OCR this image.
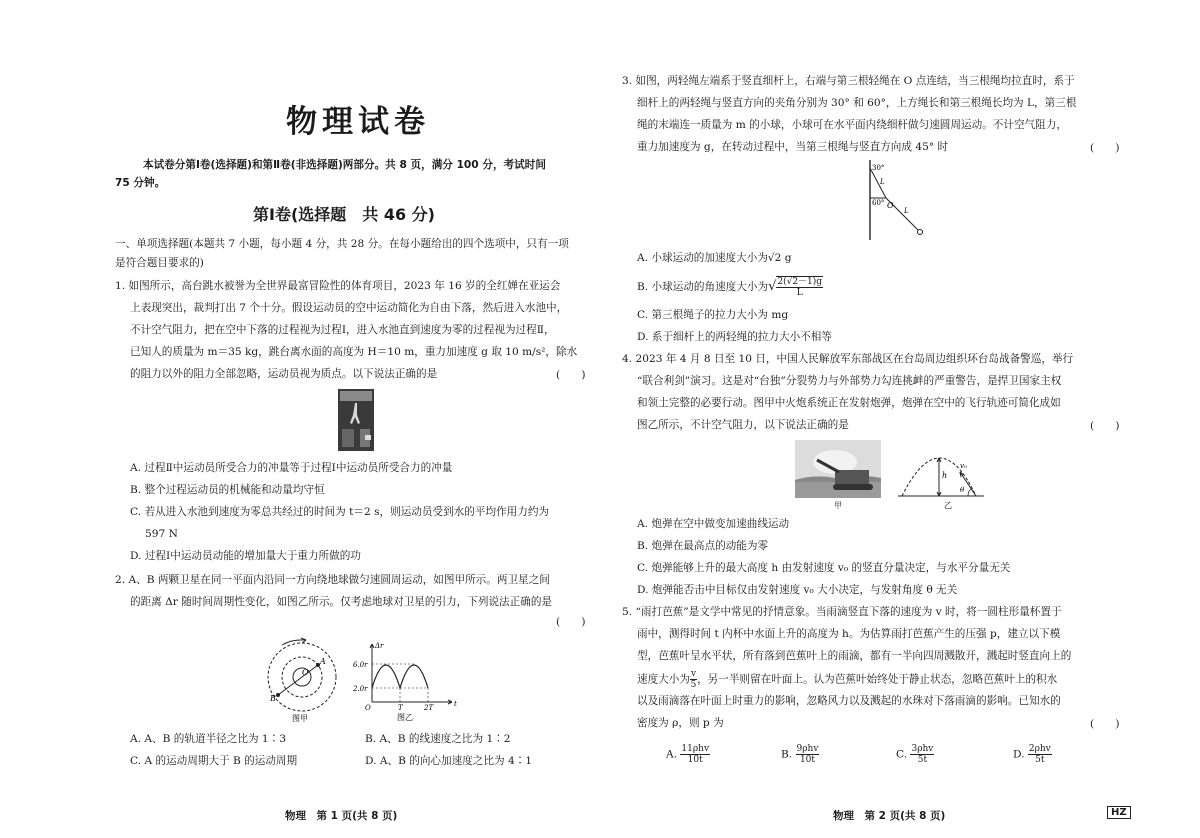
物理试卷
本试卷分第Ⅰ卷(选择题)和第Ⅱ卷(非选择题)两部分。共 8 页，满分 100 分，考试时间
75 分钟。
第Ⅰ卷(选择题　共 46 分)
一、单项选择题(本题共 7 小题，每小题 4 分，共 28 分。在每小题给出的四个选项中，只有一项
是符合题目要求的)
1. 如图所示，高台跳水被誉为全世界最富冒险性的体育项目，2023 年 16 岁的全红婵在亚运会
上表现突出，裁判打出 7 个十分。假设运动员的空中运动简化为自由下落，然后进入水池中，
不计空气阻力，把在空中下落的过程视为过程Ⅰ，进入水池直到速度为零的过程视为过程Ⅱ，
已知人的质量为 m＝35 kg，跳台离水面的高度为 H＝10 m，重力加速度 g 取 10 m/s²，除水
的阻力以外的阻力全部忽略，运动员视为质点。以下说法正确的是	(　　)
A. 过程Ⅱ中运动员所受合力的冲量等于过程Ⅰ中运动员所受合力的冲量
B. 整个过程运动员的机械能和动量均守恒
C. 若从进入水池到速度为零总共经过的时间为 t＝2 s，则运动员受到水的平均作用力约为
597 N
D. 过程Ⅰ中运动员动能的增加量大于重力所做的功
2. A、B 两颗卫星在同一平面内沿同一方向绕地球做匀速圆周运动，如图甲所示。两卫星之间
的距离 Δr 随时间周期性变化，如图乙所示。仅考虑地球对卫星的引力，下列说法正确的是
(　　)
O
A
B
图甲
Δr
t
6.0r
2.0r
O	T	2T
图乙
A. A、B 的轨道半径之比为 1∶3	B. A、B 的线速度之比为 1∶2
C. A 的运动周期大于 B 的运动周期	D. A、B 的向心加速度之比为 4∶1
物理　第 1 页(共 8 页)
3. 如图，两轻绳左端系于竖直细杆上，右端与第三根轻绳在 O 点连结，当三根绳均拉直时，系于
细杆上的两轻绳与竖直方向的夹角分别为 30° 和 60°，上方绳长和第三根绳长均为 L，第三根
绳的末端连一质量为 m 的小球，小球可在水平面内绕细杆做匀速圆周运动。不计空气阻力，
重力加速度为 g，在转动过程中，当第三根绳与竖直方向成 45° 时	(　　)
30°
60°
L
O
L
A. 小球运动的加速度大小为√2 g
B. 小球运动的角速度大小为√ $\frac{2(√2-1)g}{L}$
C. 第三根绳子的拉力大小为 mg
D. 系于细杆上的两轻绳的拉力大小不相等
4. 2023 年 4 月 8 日至 10 日，中国人民解放军东部战区在台岛周边组织环台岛战备警巡，举行
“联合利剑”演习。这是对“台独”分裂势力与外部势力勾连挑衅的严重警告，是捍卫国家主权
和领土完整的必要行动。图甲中火炮系统正在发射炮弹，炮弹在空中的飞行轨迹可简化成如
图乙所示，不计空气阻力，以下说法正确的是	(　　)
甲
h
v₀
θ
乙
A. 炮弹在空中做变加速曲线运动
B. 炮弹在最高点的动能为零
C. 炮弹能够上升的最大高度 h 由发射速度 v₀ 的竖直分量决定，与水平分量无关
D. 炮弹能否击中目标仅由发射速度 v₀ 大小决定，与发射角度 θ 无关
5. “雨打芭蕉”是文学中常见的抒情意象。当雨滴竖直下落的速度为 v 时，将一圆柱形量杯置于
雨中，测得时间 t 内杯中水面上升的高度为 h。为估算雨打芭蕉产生的压强 p，建立以下模
型，芭蕉叶呈水平状，所有落到芭蕉叶上的雨滴，都有一半向四周溅散开，溅起时竖直向上的
速度大小为 $\frac{v}{5}$ ，另一半则留在叶面上。认为芭蕉叶始终处于静止状态，忽略芭蕉叶上的积水
以及雨滴落在叶面上时重力的影响，忽略风力以及溅起的水珠对下落雨滴的影响。已知水的
密度为 ρ，则 p 为	(　　)
A. $\frac{\text{11ρhv}}{10t}$	B. $\frac{\text{9ρhv}}{10t}$	C. $\frac{\text{3ρhv}}{5t}$	D. $\frac{\text{2ρhv}}{5t}$
物理　第 2 页(共 8 页)	HZ
